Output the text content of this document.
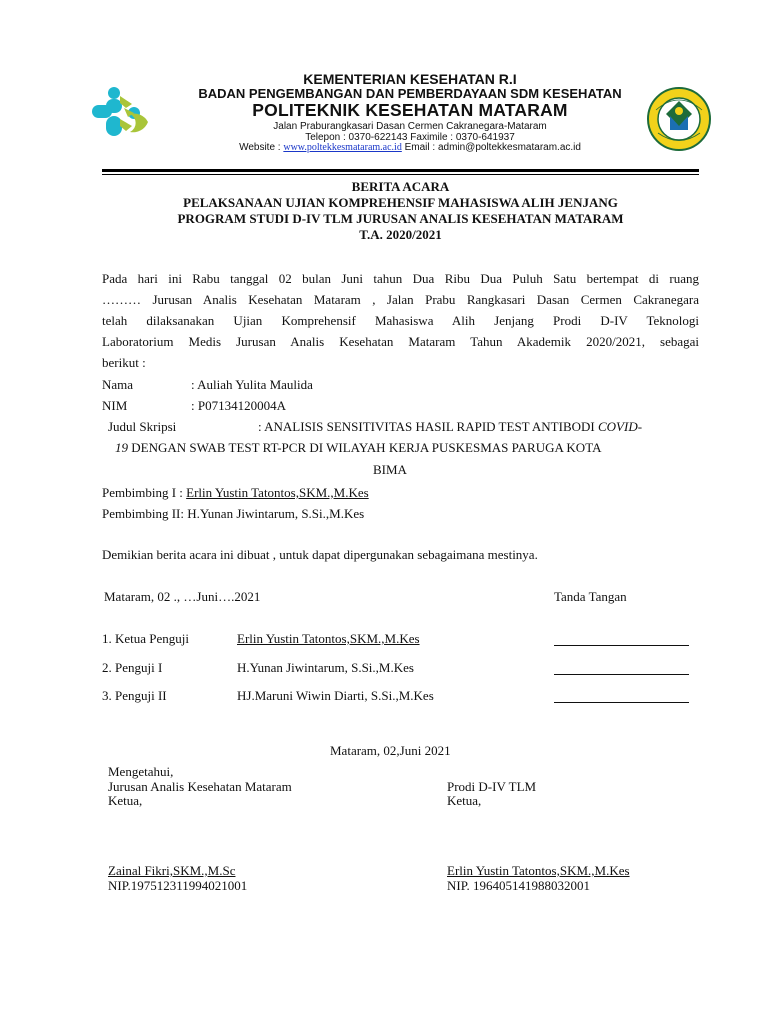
KEMENTERIAN KESEHATAN R.I
BADAN PENGEMBANGAN DAN PEMBERDAYAAN SDM KESEHATAN
POLITEKNIK KESEHATAN MATARAM
Jalan Praburangkasari Dasan Cermen Cakranegara-Mataram
Telepon : 0370-622143 Faximile : 0370-641937
Website : www.poltekkesmataram.ac.id Email : admin@poltekkesmataram.ac.id
BERITA ACARA
PELAKSANAAN UJIAN KOMPREHENSIF MAHASISWA ALIH JENJANG
PROGRAM STUDI D-IV TLM JURUSAN ANALIS KESEHATAN MATARAM
T.A. 2020/2021
Pada hari ini Rabu tanggal 02 bulan Juni tahun Dua Ribu Dua Puluh Satu bertempat di ruang
……… Jurusan Analis Kesehatan Mataram , Jalan Prabu Rangkasari Dasan Cermen Cakranegara
telah dilaksanakan Ujian Komprehensif Mahasiswa Alih Jenjang Prodi D-IV Teknologi
Laboratorium Medis Jurusan Analis Kesehatan Mataram Tahun Akademik 2020/2021, sebagai
berikut :
Nama	: Auliah Yulita Maulida
NIM	: P07134120004A
Judul Skripsi	: ANALISIS SENSITIVITAS HASIL RAPID TEST ANTIBODI COVID-
19 DENGAN SWAB TEST RT-PCR DI WILAYAH KERJA PUSKESMAS PARUGA KOTA
BIMA
Pembimbing I : Erlin Yustin Tatontos,SKM.,M.Kes
Pembimbing II: H.Yunan Jiwintarum, S.Si.,M.Kes
Demikian berita acara ini dibuat , untuk dapat dipergunakan sebagaimana mestinya.
Mataram, 02 ., …Juni….2021	Tanda Tangan
1. Ketua Penguji	Erlin Yustin Tatontos,SKM.,M.Kes
2. Penguji I	H.Yunan Jiwintarum, S.Si.,M.Kes
3. Penguji II	HJ.Maruni Wiwin Diarti, S.Si.,M.Kes
Mataram, 02,Juni 2021
Mengetahui,
Jurusan Analis Kesehatan Mataram
Ketua,
Prodi D-IV TLM
Ketua,
Zainal Fikri,SKM.,M.Sc
NIP.197512311994021001
Erlin Yustin Tatontos,SKM.,M.Kes
NIP. 196405141988032001
